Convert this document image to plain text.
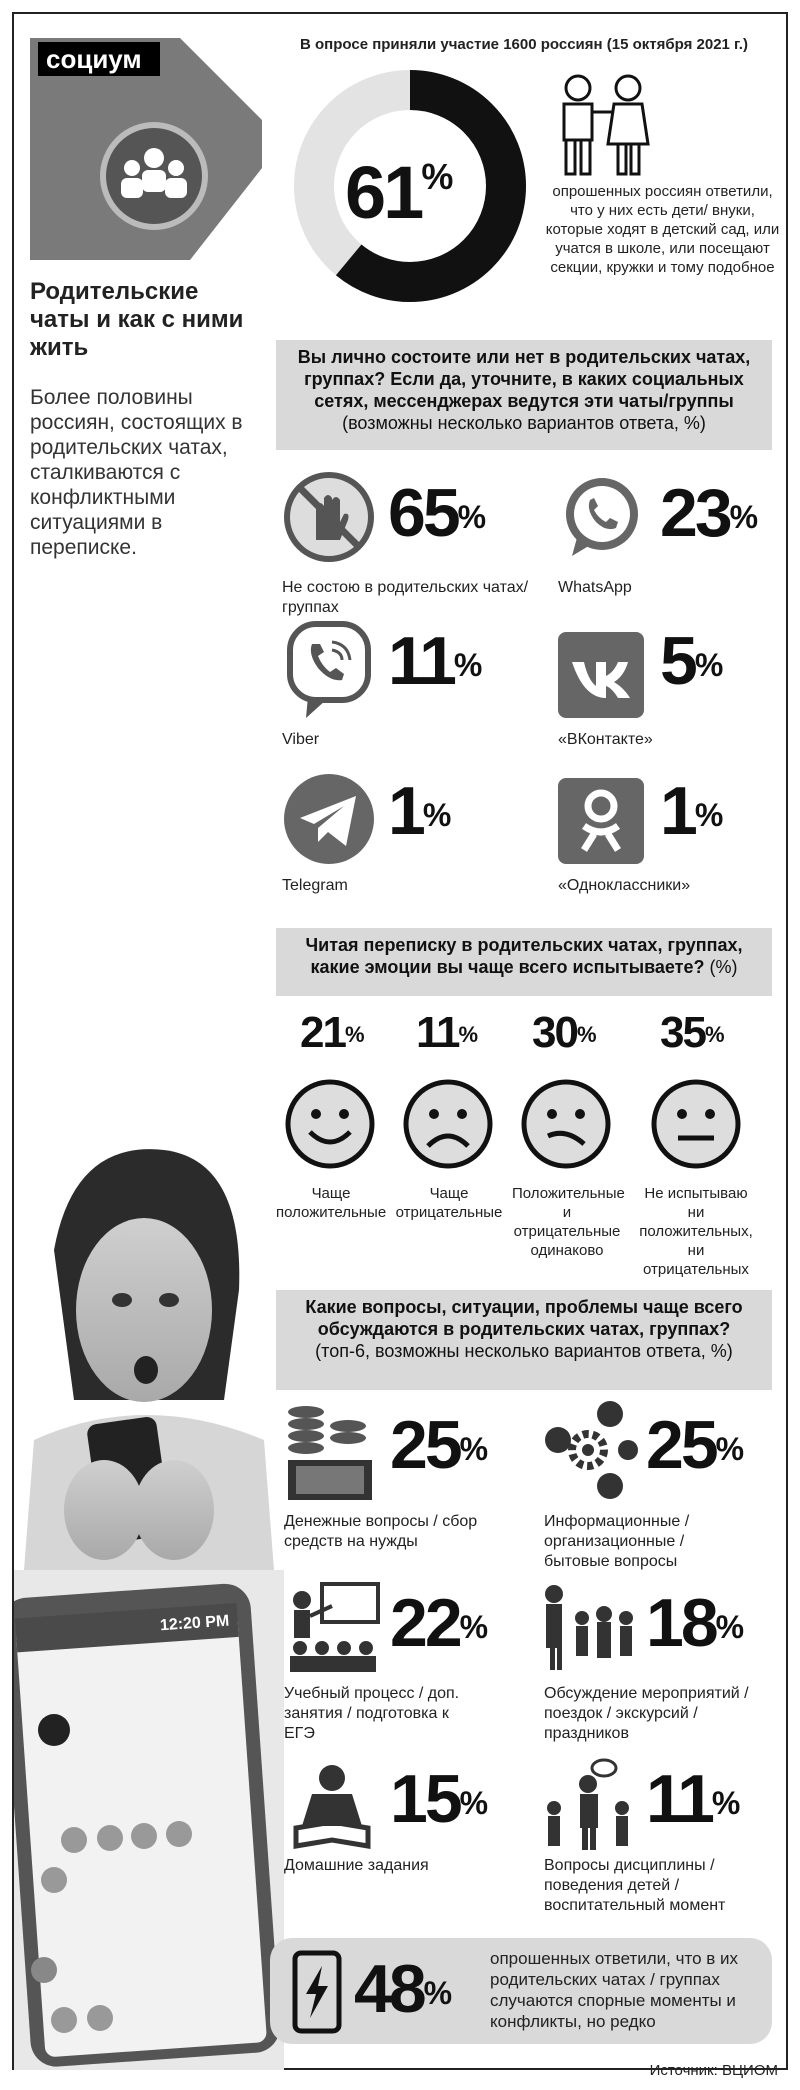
социум
Родительские чаты и как с ними жить
Более половины россиян, состоящих в родительских чатах, сталкиваются с конфликтными ситуациями в переписке.
В опросе приняли участие 1600 россиян (15 октября 2021 г.)
61%	опрошенных россиян ответили, что у них есть дети/ внуки, которые ходят в детский сад, или учатся в школе, или посещают секции, кружки и тому подобное
Вы лично состоите или нет в родительских чатах, группах? Если да, уточните, в каких социальных сетях, мессенджерах ведутся эти чаты/группы (возможны несколько вариантов ответа, %)
65%
Не состою в родительских чатах/группах
23%
WhatsApp
11%
Viber
5%
«ВКонтакте»
1%
Telegram
1%
«Одноклассники»
Читая переписку в родительских чатах, группах, какие эмоции вы чаще всего испытываете? (%)
21% 11% 30% 35%
Чаще положительные
Чаще отрицательные
Положительные и отрицательные одинаково
Не испытываю ни положительных, ни отрицательных
12:20 PM
Какие вопросы, ситуации, проблемы чаще всего обсуждаются в родительских чатах, группах?
(топ-6, возможны несколько вариантов ответа, %)
25%
Денежные вопросы / сбор средств на нужды
25%
Информационные / организационные / бытовые вопросы
22%
Учебный процесс / доп. занятия / подготовка к ЕГЭ
18%
Обсуждение мероприятий / поездок / экскурсий / праздников
15%
Домашние задания
11%
Вопросы дисциплины / поведения детей / воспитательный момент
48%
опрошенных ответили, что в их родительских чатах / группах случаются спорные моменты и конфликты, но редко
Источник: ВЦИОМ
